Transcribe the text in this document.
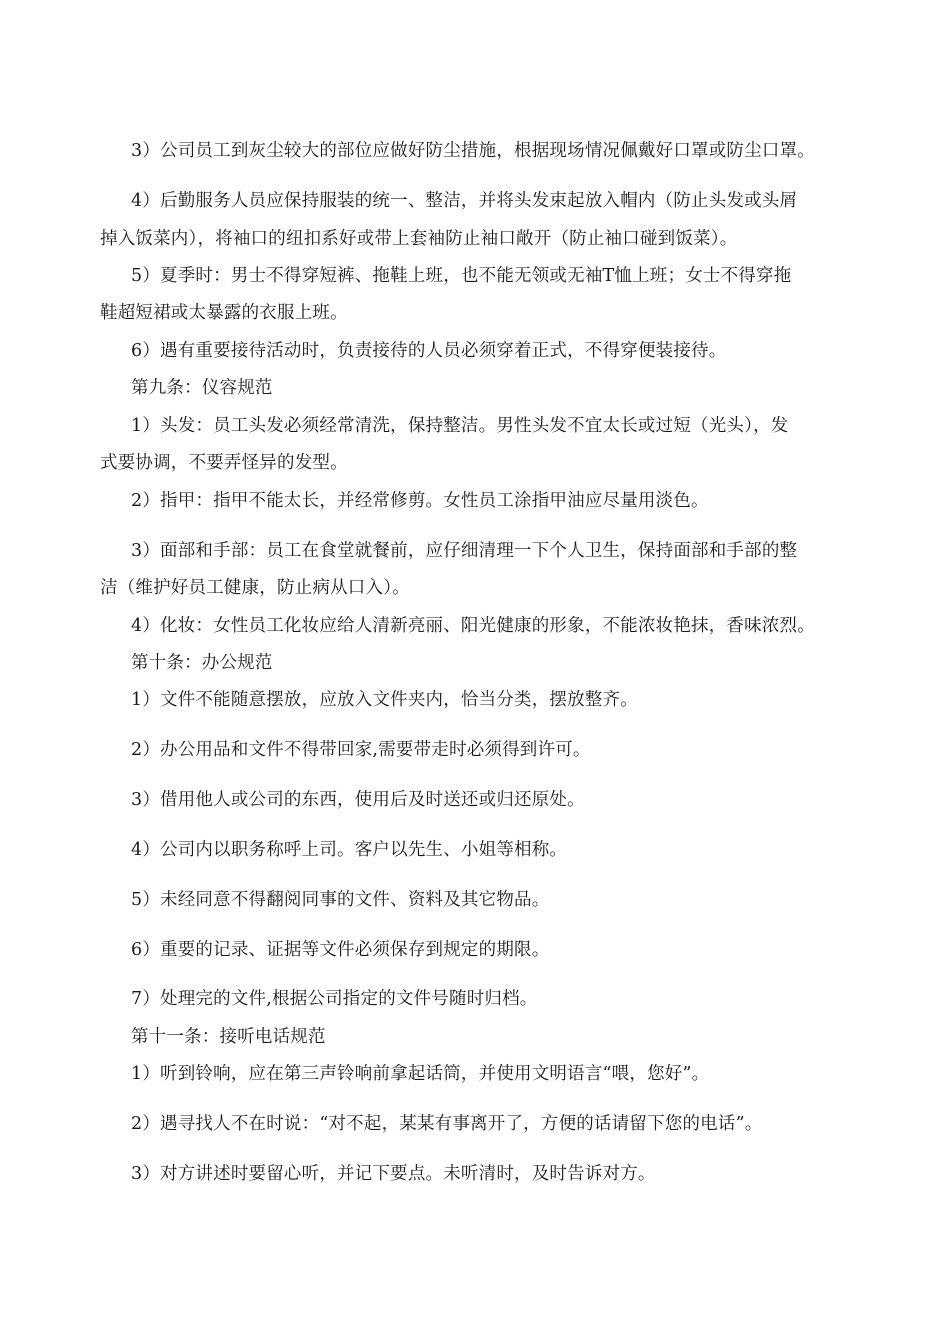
3）公司员工到灰尘较大的部位应做好防尘措施，根据现场情况佩戴好口罩或防尘口罩。
4）后勤服务人员应保持服装的统一、整洁，并将头发束起放入帽内（防止头发或头屑
掉入饭菜内），将袖口的纽扣系好或带上套袖防止袖口敞开（防止袖口碰到饭菜）。
5）夏季时：男士不得穿短裤、拖鞋上班，也不能无领或无袖T恤上班；女士不得穿拖
鞋超短裙或太暴露的衣服上班。
6）遇有重要接待活动时，负责接待的人员必须穿着正式，不得穿便装接待。
第九条：仪容规范
1）头发：员工头发必须经常清洗，保持整洁。男性头发不宜太长或过短（光头），发
式要协调，不要弄怪异的发型。
2）指甲：指甲不能太长，并经常修剪。女性员工涂指甲油应尽量用淡色。
3）面部和手部：员工在食堂就餐前，应仔细清理一下个人卫生，保持面部和手部的整
洁（维护好员工健康，防止病从口入）。
4）化妆：女性员工化妆应给人清新亮丽、阳光健康的形象，不能浓妆艳抹，香味浓烈。
第十条：办公规范
1）文件不能随意摆放，应放入文件夹内，恰当分类，摆放整齐。
2）办公用品和文件不得带回家,需要带走时必须得到许可。
3）借用他人或公司的东西，使用后及时送还或归还原处。
4）公司内以职务称呼上司。客户以先生、小姐等相称。
5）未经同意不得翻阅同事的文件、资料及其它物品。
6）重要的记录、证据等文件必须保存到规定的期限。
7）处理完的文件,根据公司指定的文件号随时归档。
第十一条：接听电话规范
1）听到铃响，应在第三声铃响前拿起话筒，并使用文明语言“喂，您好”。
2）遇寻找人不在时说：“对不起，某某有事离开了，方便的话请留下您的电话”。
3）对方讲述时要留心听，并记下要点。未听清时，及时告诉对方。
